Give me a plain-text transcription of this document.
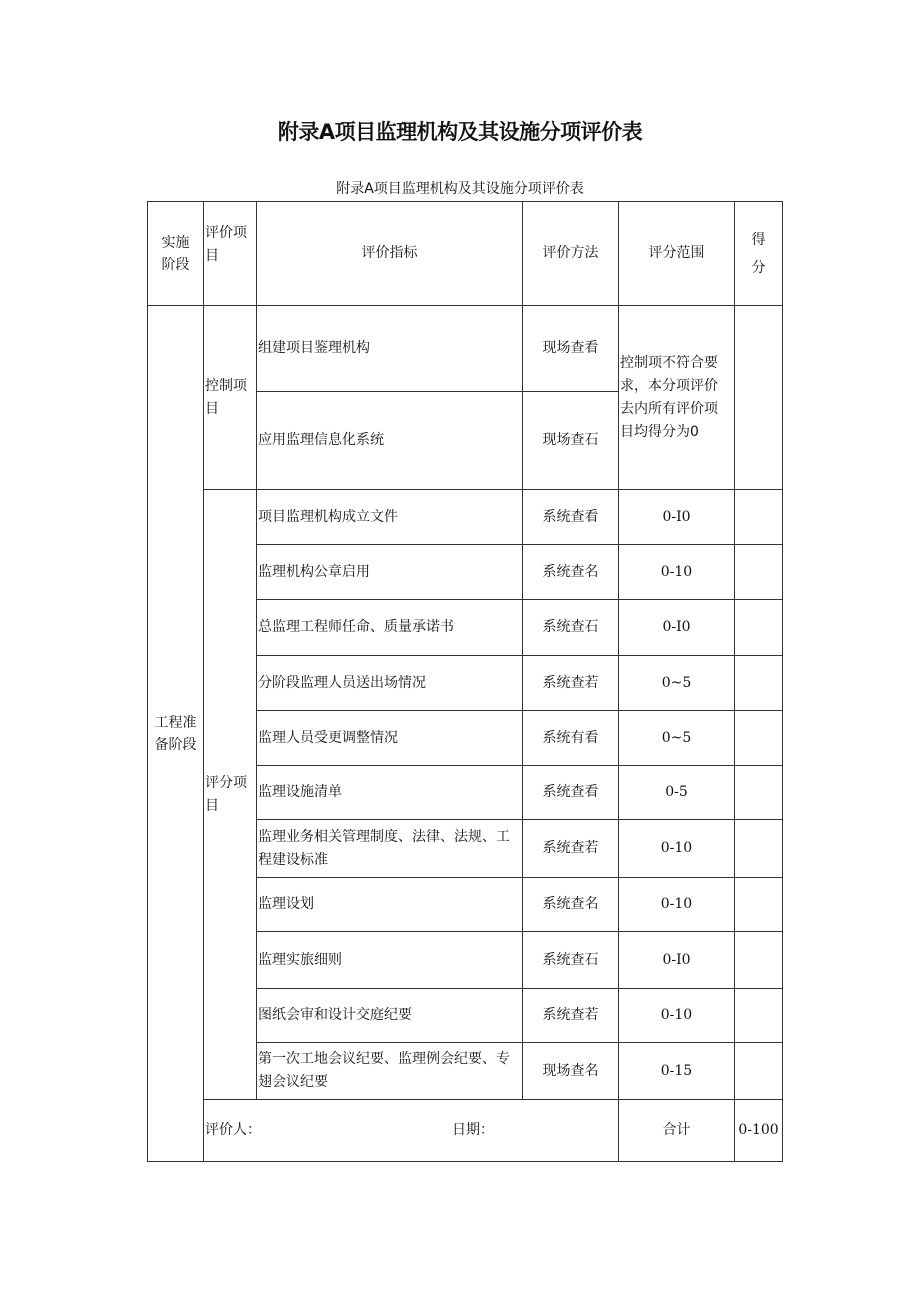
附录A项目监理机构及其设施分项评价表
附录A项目监理机构及其设施分项评价表
实施阶段	评价项目	评价指标	评价方法	评分范围	得分	

工程准备阶段	控制项目	组建项目鉴理机构	现场查看	控制项不符合要求，本分项评价去内所有评价项目均得分为0		
		应用监理信息化系统	现场查石			

	评分项目	项目监理机构成立文件	系统查看	0-I0		
		监理机构公章启用	系统查名	0-10		
		总监理工程师任命、质量承诺书	系统查石	0-I0		
		分阶段监理人员送出场情况	系统查若	0~5		
		监理人员受更调整情况	系统有看	0~5		
		监理设施清单	系统查看	0-5		
		监理业务相关管理制度、法律、法规、工程建设标准	系统查若	0-10		
		监理设划	系统查名	0-10		
		监理实旅细则	系统查石	0-I0		
		图纸会审和设计交庭纪要	系统查若	0-10		
		第一次工地会议纪要、监理例会纪要、专翅会议纪要	现场查名	0-15		

	评价人： 日期：			合计	0-100	
